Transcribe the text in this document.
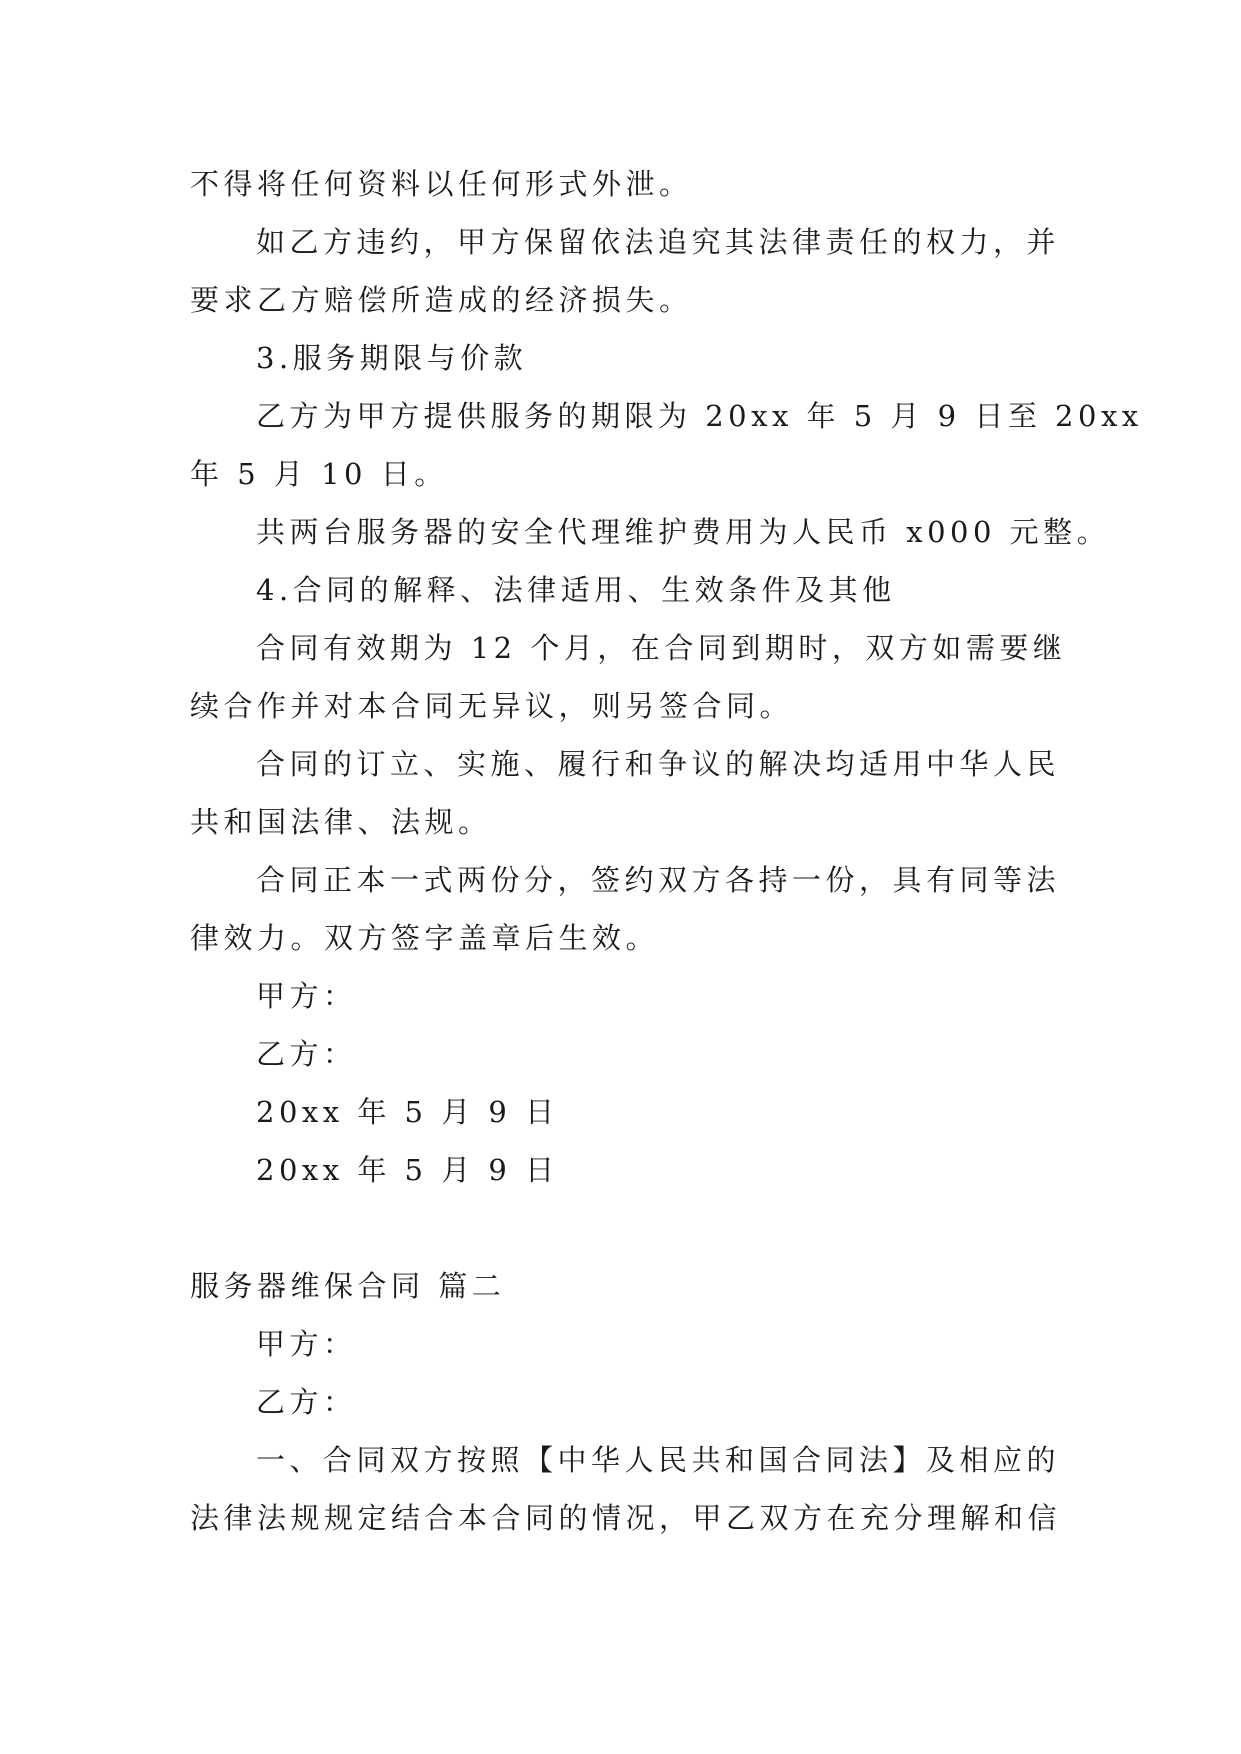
不得将任何资料以任何形式外泄。
如乙方违约，甲方保留依法追究其法律责任的权力，并
要求乙方赔偿所造成的经济损失。
3.服务期限与价款
乙方为甲方提供服务的期限为 20xx 年 5 月 9 日至 20xx
年 5 月 10 日。
共两台服务器的安全代理维护费用为人民币 x000 元整。
4.合同的解释、法律适用、生效条件及其他
合同有效期为 12 个月，在合同到期时，双方如需要继
续合作并对本合同无异议，则另签合同。
合同的订立、实施、履行和争议的解决均适用中华人民
共和国法律、法规。
合同正本一式两份分，签约双方各持一份，具有同等法
律效力。双方签字盖章后生效。
甲方：
乙方：
20xx 年 5 月 9 日
20xx 年 5 月 9 日
服务器维保合同 篇二
甲方：
乙方：
一、合同双方按照【中华人民共和国合同法】及相应的
法律法规规定结合本合同的情况，甲乙双方在充分理解和信
